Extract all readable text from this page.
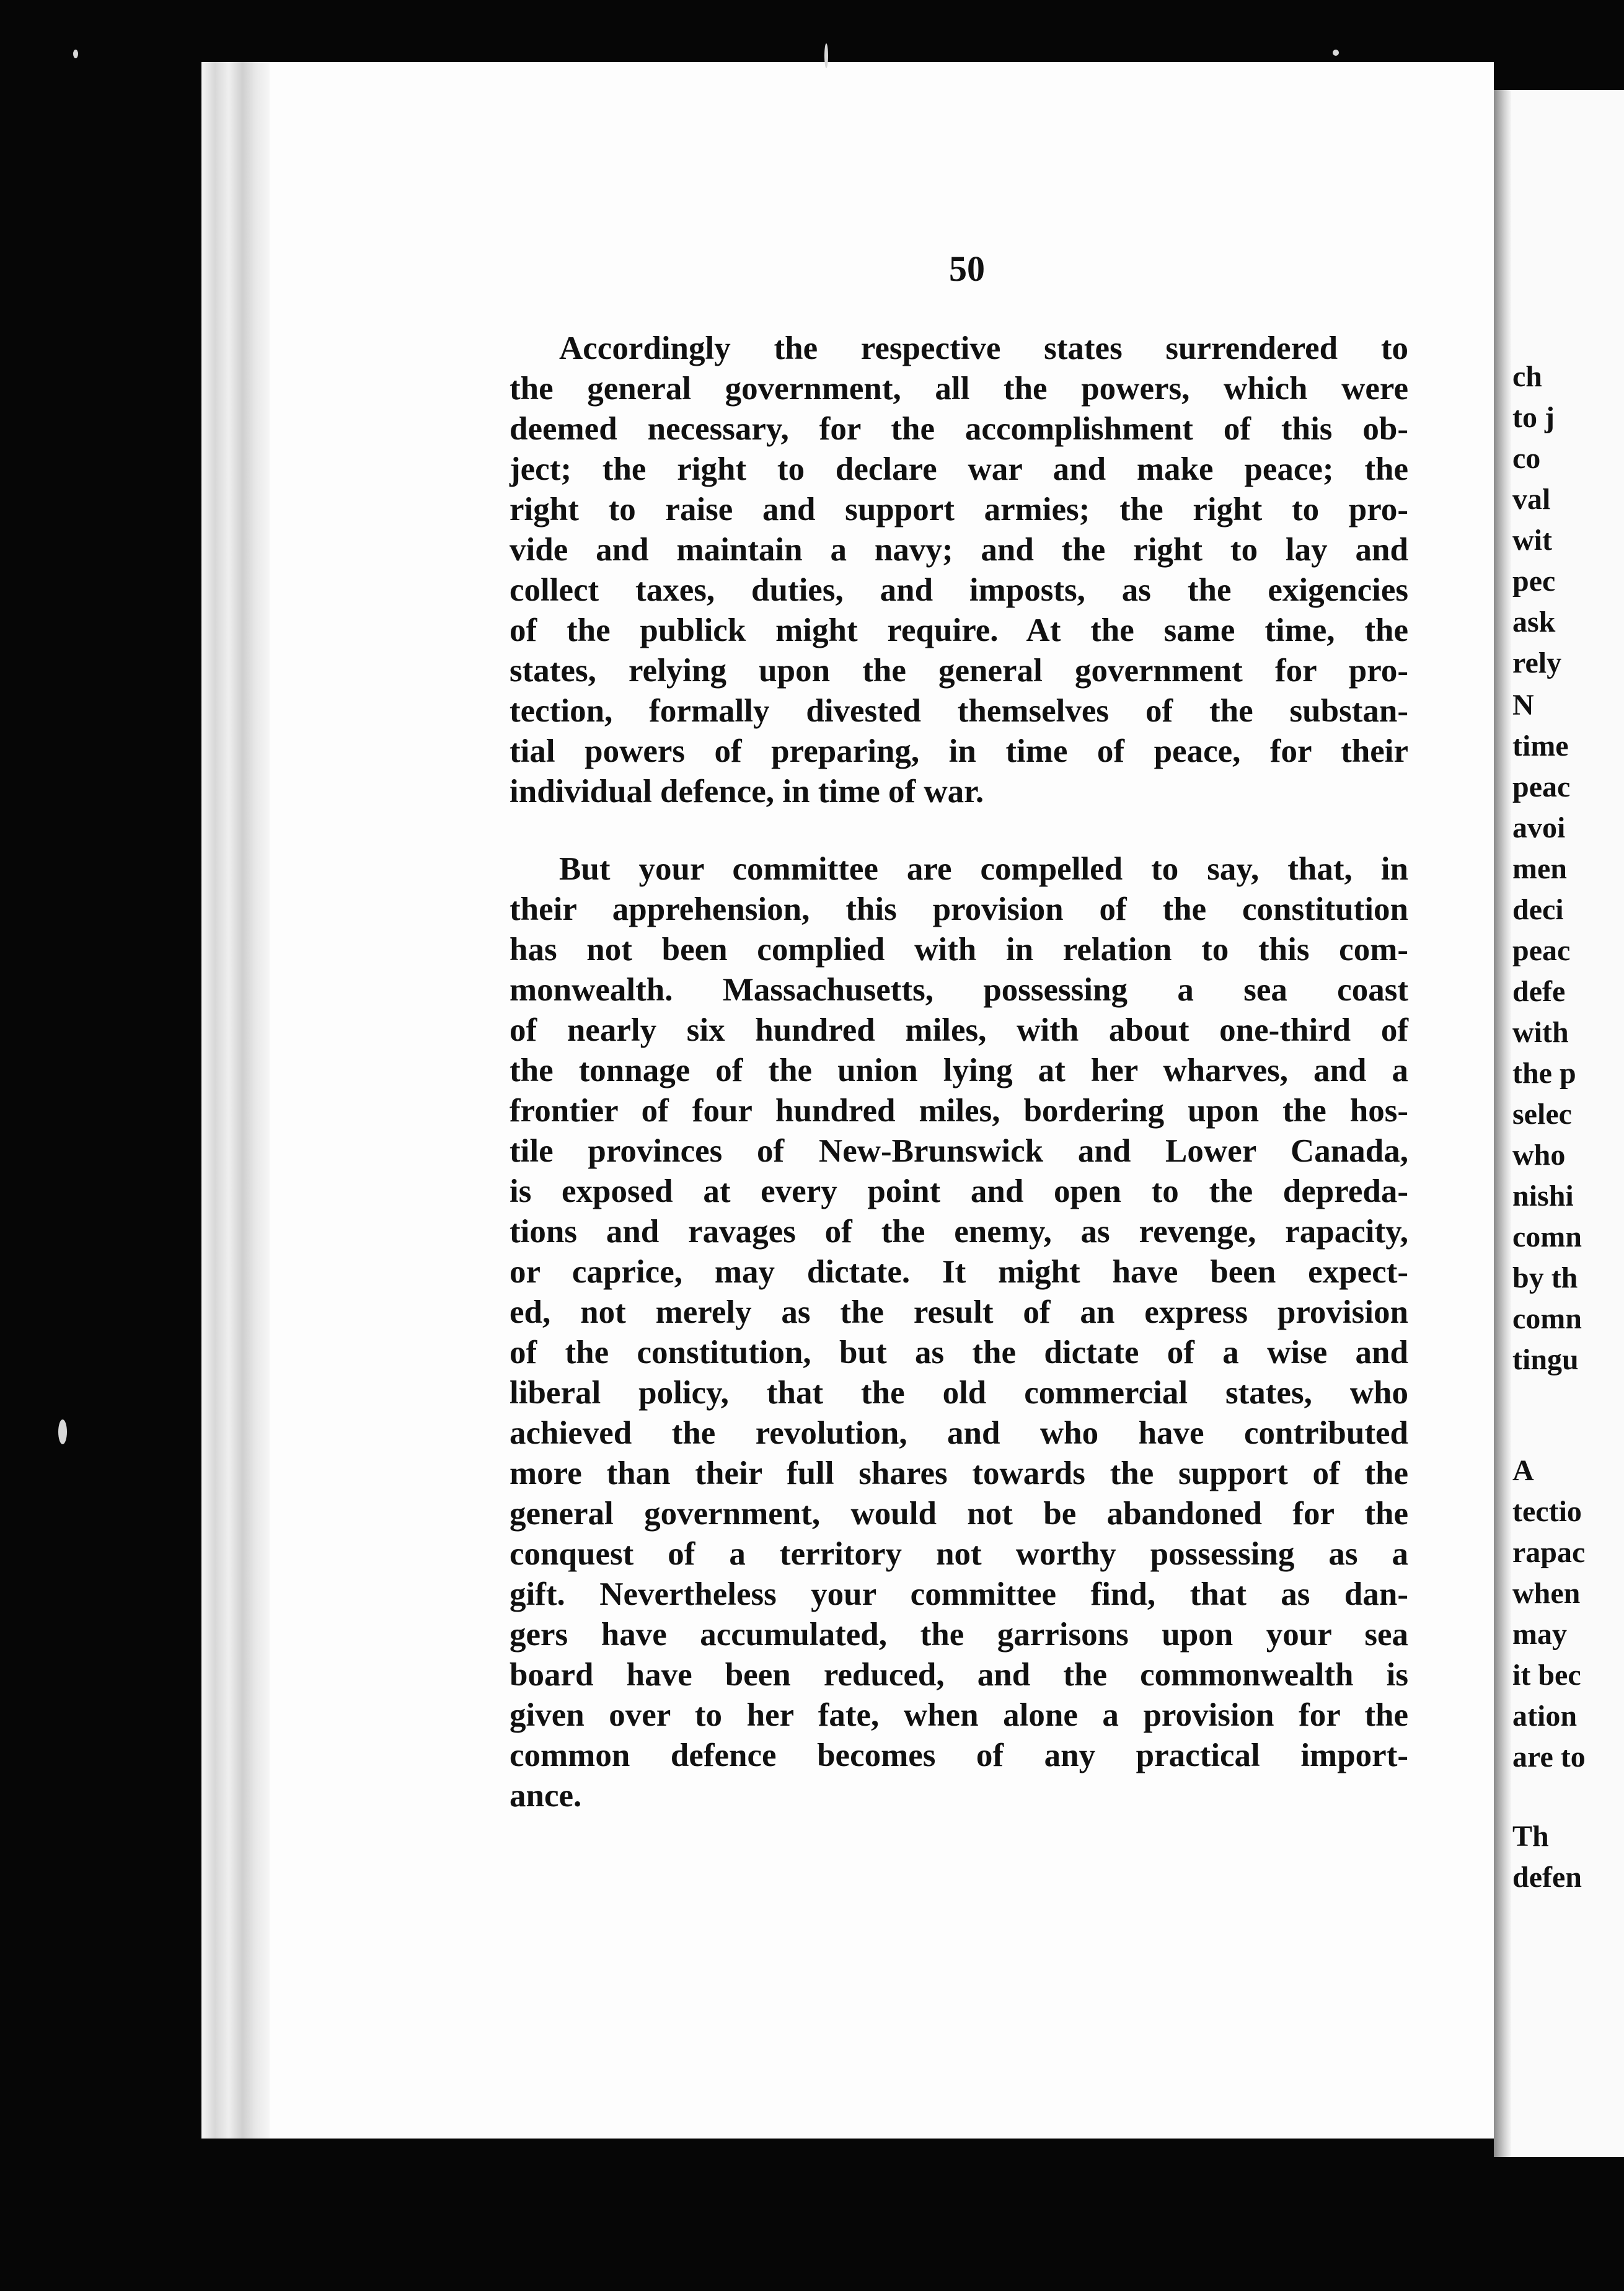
50

Accordingly the respective states surrendered to
the general government, all the powers, which were
deemed necessary, for the accomplishment of this ob-
ject; the right to declare war and make peace; the
right to raise and support armies; the right to pro-
vide and maintain a navy; and the right to lay and
collect taxes, duties, and imposts, as the exigencies
of the publick might require. At the same time, the
states, relying upon the general government for pro-
tection, formally divested themselves of the substan-
tial powers of preparing, in time of peace, for their
individual defence, in time of war.

But your committee are compelled to say, that, in
their apprehension, this provision of the constitution
has not been complied with in relation to this com-
monwealth. Massachusetts, possessing a sea coast
of nearly six hundred miles, with about one-third of
the tonnage of the union lying at her wharves, and a
frontier of four hundred miles, bordering upon the hos-
tile provinces of New-Brunswick and Lower Canada,
is exposed at every point and open to the depreda-
tions and ravages of the enemy, as revenge, rapacity,
or caprice, may dictate. It might have been expect-
ed, not merely as the result of an express provision
of the constitution, but as the dictate of a wise and
liberal policy, that the old commercial states, who
achieved the revolution, and who have contributed
more than their full shares towards the support of the
general government, would not be abandoned for the
conquest of a territory not worthy possessing as a
gift. Nevertheless your committee find, that as dan-
gers have accumulated, the garrisons upon your sea
board have been reduced, and the commonwealth is
given over to her fate, when alone a provision for the
common defence becomes of any practical import-
ance.

ch
to j
co
val
wit
pec
ask
rely

N
time
peac
avoi
men
deci
peac
defe
with
the p
selec
who
nishi
comn
by th
comn
tingu

A
tectio
rapac
when
may
it bec
ation
are to

Th
defen
